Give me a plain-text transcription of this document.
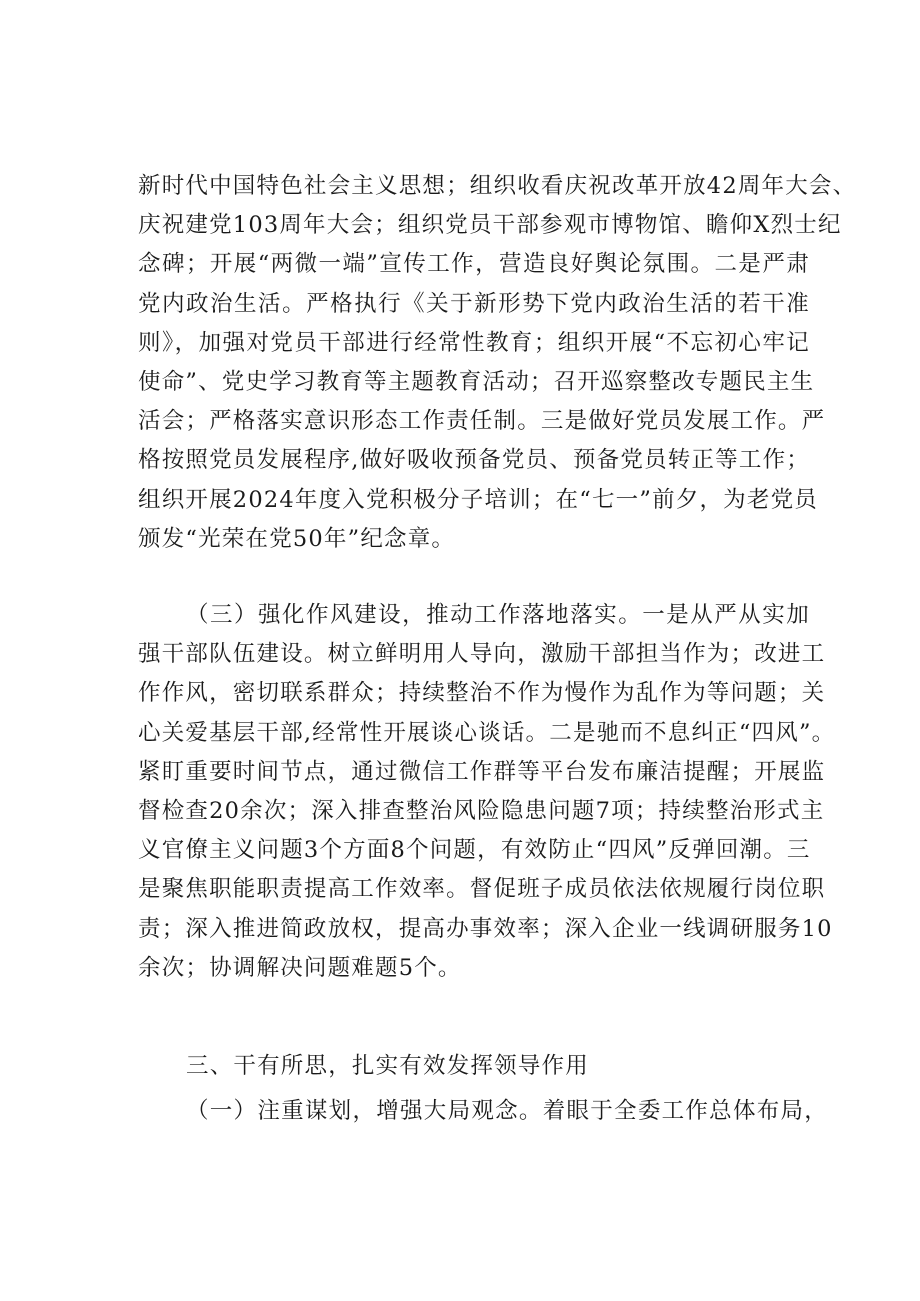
新时代中国特色社会主义思想；组织收看庆祝改革开放42周年大会、
庆祝建党103周年大会；组织党员干部参观市博物馆、瞻仰X烈士纪
念碑；开展“两微一端”宣传工作，营造良好舆论氛围。二是严肃
党内政治生活。严格执行《关于新形势下党内政治生活的若干准
则》，加强对党员干部进行经常性教育；组织开展“不忘初心牢记
使命”、党史学习教育等主题教育活动；召开巡察整改专题民主生
活会；严格落实意识形态工作责任制。三是做好党员发展工作。严
格按照党员发展程序,做好吸收预备党员、预备党员转正等工作；
组织开展2024年度入党积极分子培训；在“七一”前夕，为老党员
颁发“光荣在党50年”纪念章。
（三）强化作风建设，推动工作落地落实。一是从严从实加
强干部队伍建设。树立鲜明用人导向，激励干部担当作为；改进工
作作风，密切联系群众；持续整治不作为慢作为乱作为等问题；关
心关爱基层干部,经常性开展谈心谈话。二是驰而不息纠正“四风”。
紧盯重要时间节点，通过微信工作群等平台发布廉洁提醒；开展监
督检查20余次；深入排查整治风险隐患问题7项；持续整治形式主
义官僚主义问题3个方面8个问题，有效防止“四风”反弹回潮。三
是聚焦职能职责提高工作效率。督促班子成员依法依规履行岗位职
责；深入推进简政放权，提高办事效率；深入企业一线调研服务10
余次；协调解决问题难题5个。
三、干有所思，扎实有效发挥领导作用
（一）注重谋划，增强大局观念。着眼于全委工作总体布局，
